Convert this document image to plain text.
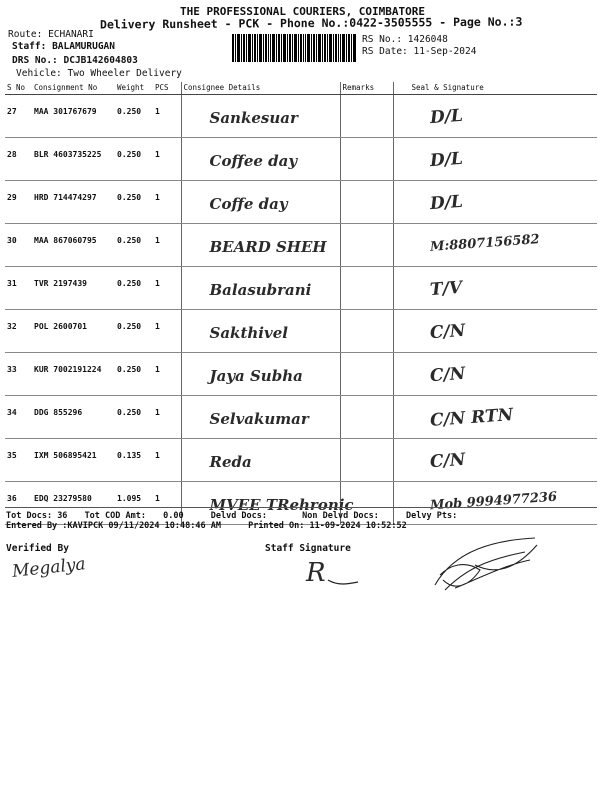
THE PROFESSIONAL COURIERS, COIMBATORE
Delivery Runsheet - PCK - Phone No.:0422-3505555 - Page No.:3
Route: ECHANARI
Staff: BALAMURUGAN
DRS No.: DCJB142604803
Vehicle: Two Wheeler Delivery
RS No.: 1426048
RS Date: 11-Sep-2024
S No	Consignment No	Weight	PCS	Consignee Details	Remarks	Seal & Signature
27	MAA 301767679	0.250	1	Sankesuar		D/L

28	BLR 4603735225	0.250	1	Coffee day		D/L

29	HRD 714474297	0.250	1	Coffe day		D/L

30	MAA 867060795	0.250	1	BEARD SHEH		M:8807156582

31	TVR 2197439	0.250	1	Balasubrani		T/V

32	POL 2600701	0.250	1	Sakthivel		C/N

33	KUR 7002191224	0.250	1	Jaya Subha		C/N

34	DDG 855296	0.250	1	Selvakumar		C/N RTN

35	IXM 506895421	0.135	1	Reda		C/N

36	EDQ 23279580	1.095	1	MVEE TRehronic		Mob 9994977236
Tot Docs: 36 Tot COD Amt: 0.00	Delvd Docs:	Non Delvd Docs:	Delvy Pts:
Entered By :KAVIPCK 09/11/2024 10:48:46 AM	Printed On: 11-09-2024 10:52:52
Verified By
Megalya
Staff Signature
R
